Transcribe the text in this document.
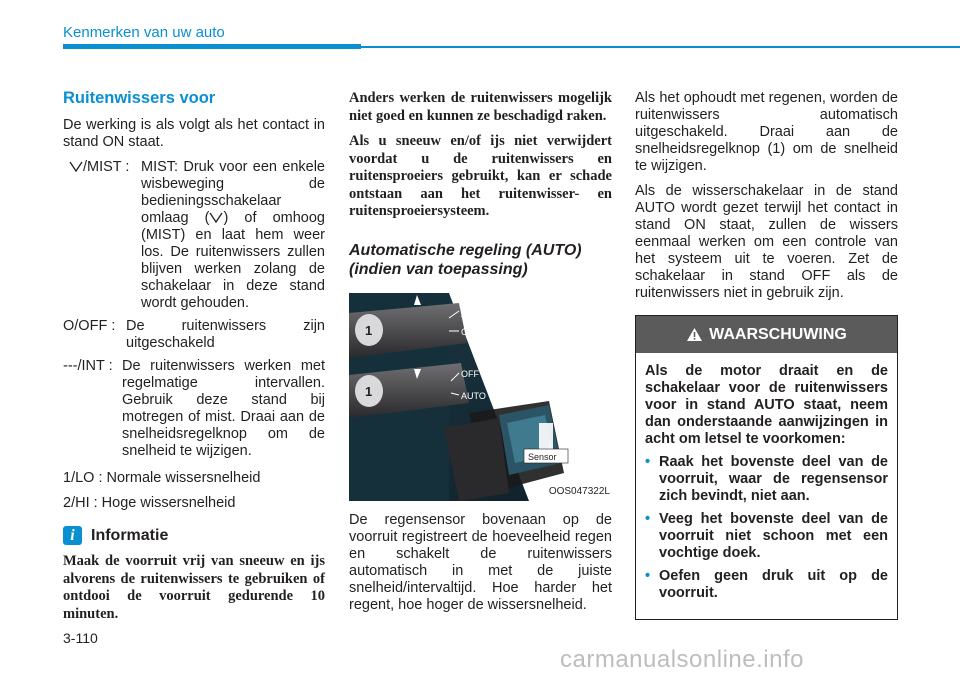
Kenmerken van uw auto
Ruitenwissers voor
De werking is als volgt als het contact in stand ON staat.
/MIST : MIST: Druk voor een enkele wisbeweging de bedieningsschakelaar omlaag ( ) of omhoog (MIST) en laat hem weer los. De ruitenwissers zullen blijven werken zolang de schakelaar in deze stand wordt gehouden.
O/OFF : De ruitenwissers zijn uitgeschakeld
---/INT : De ruitenwissers werken met regelmatige intervallen. Gebruik deze stand bij motregen of mist. Draai aan de snelheidsregelknop om de snelheid te wijzigen.
1/LO : Normale wissersnelheid
2/HI : Hoge wissersnelheid
i	Informatie
Maak de voorruit vrij van sneeuw en ijs alvorens de ruitenwissers te gebruiken of ontdooi de voorruit gedurende 10 minuten.
Anders werken de ruitenwissers mogelijk niet goed en kunnen ze beschadigd raken.
Als u sneeuw en/of ijs niet verwijdert voordat u de ruitenwissers en ruitensproeiers gebruikt, kan er schade ontstaan aan het ruitenwisser- en ruitensproeiersysteem.
Automatische regeling (AUTO) (indien van toepassing)
AUTO
O
OFF
AUTO
1
1
Sensor
OOS047322L
De regensensor bovenaan op de voorruit registreert de hoeveelheid regen en schakelt de ruitenwissers automatisch in met de juiste snelheid/intervaltijd. Hoe harder het regent, hoe hoger de wissersnelheid.
Als het ophoudt met regenen, worden de ruitenwissers automatisch uitgeschakeld. Draai aan de snelheidsregelknop (1) om de snelheid te wijzigen.
Als de wisserschakelaar in de stand AUTO wordt gezet terwijl het contact in stand ON staat, zullen de wissers eenmaal werken om een controle van het systeem uit te voeren. Zet de schakelaar in stand OFF als de ruitenwissers niet in gebruik zijn.
WAARSCHUWING
Als de motor draait en de schakelaar voor de ruitenwissers voor in stand AUTO staat, neem dan onderstaande aanwijzingen in acht om letsel te voorkomen:
• Raak het bovenste deel van de voorruit, waar de regensensor zich bevindt, niet aan.
• Veeg het bovenste deel van de voorruit niet schoon met een vochtige doek.
• Oefen geen druk uit op de voorruit.
3-110
carmanualsonline.info
